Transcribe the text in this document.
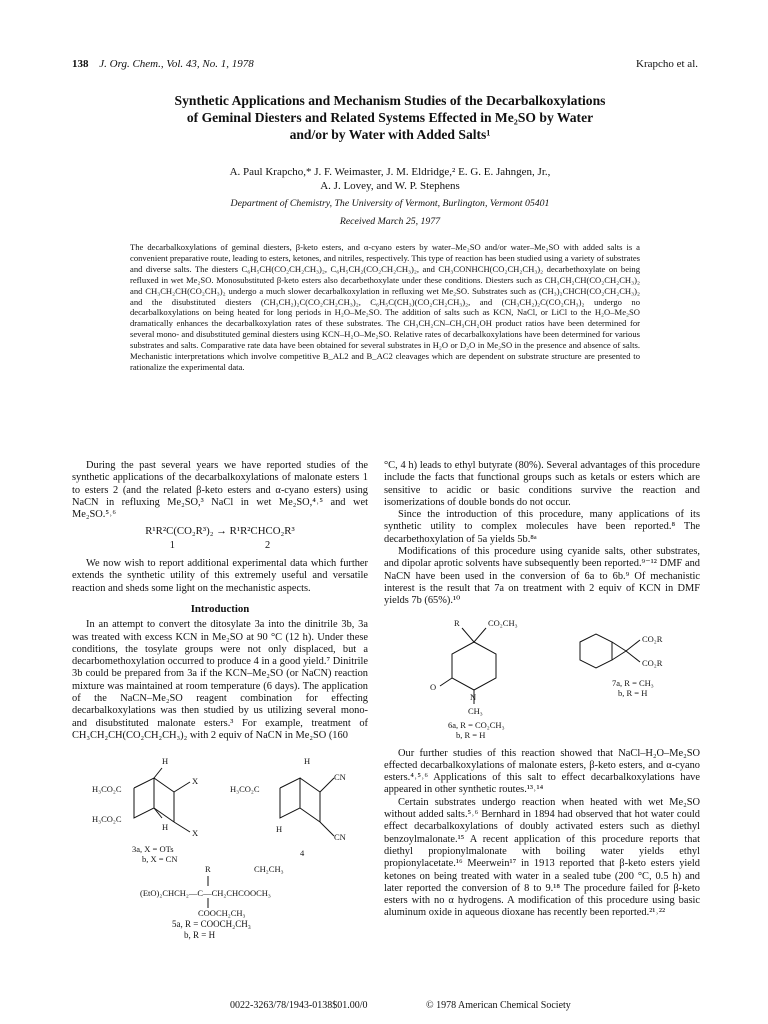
138 J. Org. Chem., Vol. 43, No. 1, 1978	Krapcho et al.
Synthetic Applications and Mechanism Studies of the Decarbalkoxylations
of Geminal Diesters and Related Systems Effected in Me₂SO by Water
and/or by Water with Added Salts¹
A. Paul Krapcho,* J. F. Weimaster, J. M. Eldridge,² E. G. E. Jahngen, Jr.,
A. J. Lovey, and W. P. Stephens
Department of Chemistry, The University of Vermont, Burlington, Vermont 05401
Received March 25, 1977
The decarbalkoxylations of geminal diesters, β-keto esters, and α-cyano esters by water–Me₂SO and/or water–Me₂SO with added salts is a convenient preparative route, leading to esters, ketones, and nitriles, respectively. This type of reaction has been studied using a variety of substrates and diverse salts. The diesters C₆H₅CH(CO₂CH₂CH₃)₂, C₆H₅CH₂(CO₂CH₂CH₃)₂, and CH₃CONHCH(CO₂CH₂CH₃)₂ decarbethoxylate on being refluxed in wet Me₂SO. Monosubstituted β-keto esters also decarbethoxylate under these conditions. Diesters such as CH₃CH₂CH(CO₂CH₂CH₃)₂ and CH₃CH₂CH(CO₂CH₃)₂ undergo a much slower decarbalkoxylation in refluxing wet Me₂SO. Substrates such as (CH₃)₂CHCH(CO₂CH₂CH₃)₂ and the disubstituted diesters (CH₃CH₂)₂C(CO₂CH₂CH₃)₂, C₆H₅C(CH₃)(CO₂CH₂CH₃)₂, and (CH₃CH₂)₂C(CO₂CH₃)₂ undergo no decarbalkoxylations on being heated for long periods in H₂O–Me₂SO. The addition of salts such as KCN, NaCl, or LiCl to the H₂O–Me₂SO dramatically enhances the decarbalkoxylation rates of these substrates. The CH₃CH₂CN–CH₃CH₂OH product ratios have been determined for several mono- and disubstituted geminal diesters using KCN–H₂O–Me₂SO. Relative rates of decarbalkoxylations have been determined for various substrates and salts. Comparative rate data have been obtained for several substrates in H₂O or D₂O in Me₂SO in the presence and absence of salts. Mechanistic interpretations which involve competitive B_AL2 and B_AC2 cleavages which are dependent on substrate structure are presented to rationalize the experimental data.

During the past several years we have reported studies of the synthetic applications of the decarbalkoxylations of malonate esters 1 to esters 2 (and the related β-keto esters and α-cyano esters) using NaCN in refluxing Me₂SO,³ NaCl in wet Me₂SO,⁴˒⁵ and wet Me₂SO.⁵˒⁶

R¹R²C(CO₂R³)₂ → R¹R²CHCO₂R³
1	2

We now wish to report additional experimental data which further extends the synthetic utility of this extremely useful and versatile reaction and sheds some light on the mechanistic aspects.

Introduction

In an attempt to convert the ditosylate 3a into the dinitrile 3b, 3a was treated with excess KCN in Me₂SO at 90 °C (12 h). Under these conditions, the tosylate groups were not only displaced, but a decarbomethoxylation occurred to produce 4 in a good yield.⁷ Dinitrile 3b could be prepared from 3a if the KCN–Me₂SO (or NaCN) reaction mixture was maintained at room temperature (6 days). The application of the NaCN–Me₂SO reagent combination for effecting decarbalkoxylations was then studied by us utilizing several mono- and disubstituted malonate esters.³ For example, treatment of CH₃CH₂CH(CO₂CH₂CH₃)₂ with 2 equiv of NaCN in Me₂SO (160

H₃CO₂C
H₃CO₂C
X
X
H
H
3a, X = OTs
b, X = CN
H₃CO₂C
CN
CN
H
H
4
R	CH₂CH₃
(EtO)₂CHCH₂—C—CH₂CHCOOCH₃
COOCH₂CH₃
5a, R = COOCH₂CH₃
b, R = H

°C, 4 h) leads to ethyl butyrate (80%). Several advantages of this procedure include the facts that functional groups such as ketals or esters which are sensitive to acidic or basic conditions survive the reaction and isomerizations of double bonds do not occur.

Since the introduction of this procedure, many applications of its synthetic utility to complex molecules have been reported.⁸ The decarbethoxylation of 5a yields 5b.⁸ᵃ

Modifications of this procedure using cyanide salts, other substrates, and dipolar aprotic solvents have subsequently been reported.⁹⁻¹² DMF and NaCN have been used in the conversion of 6a to 6b.⁹ Of mechanistic interest is the result that 7a on treatment with 2 equiv of KCN in DMF yields 7b (65%).¹⁰

R	CO₂CH₃
O
N
CH₃
6a, R = CO₂CH₃
b, R = H
CO₂R
CO₂R
7a, R = CH₃
b, R = H

Our further studies of this reaction showed that NaCl–H₂O–Me₂SO effected decarbalkoxylations of malonate esters, β-keto esters, and α-cyano esters.⁴˒⁵˒⁶ Applications of this salt to effect decarbalkoxylations have appeared in other synthetic routes.¹³˒¹⁴

Certain substrates undergo reaction when heated with wet Me₂SO without added salts.⁵˒⁶ Bernhard in 1894 had observed that hot water could effect decarbalkoxylations of doubly activated esters such as diethyl benzoylmalonate.¹⁵ A recent application of this procedure reports that diethyl propionylmalonate with boiling water yields ethyl propionylacetate.¹⁶ Meerwein¹⁷ in 1913 reported that β-keto esters yield ketones on being treated with water in a sealed tube (200 °C, 0.5 h) and later reported the conversion of 8 to 9.¹⁸ The procedure failed for β-keto esters with no α hydrogens. A modification of this procedure using basic aluminum oxide in aqueous dioxane has recently been reported.²¹˒²²

0022-3263/78/1943-0138$01.00/0	© 1978 American Chemical Society
